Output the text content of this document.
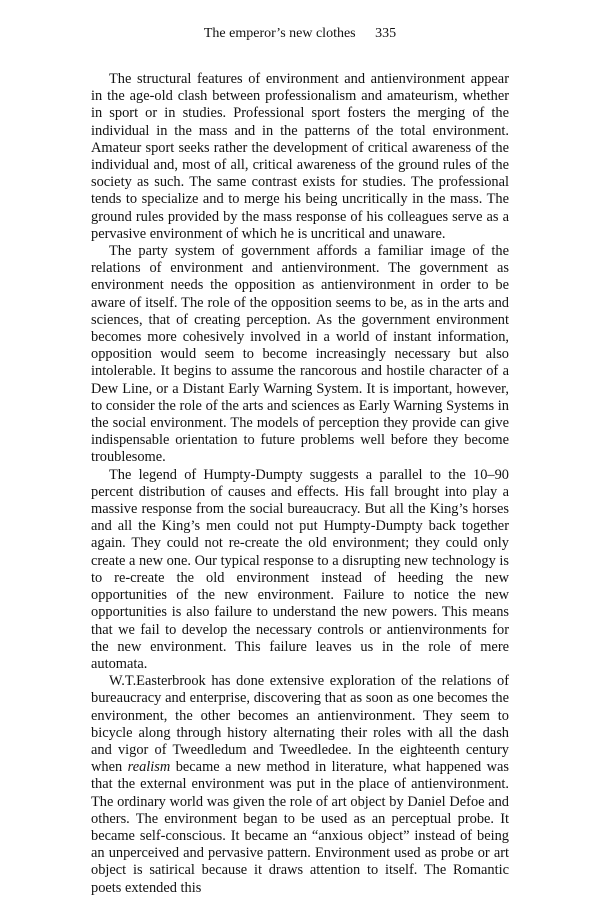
The emperor’s new clothes 335

The structural features of environment and antienvironment appear in the age-old clash between professionalism and amateurism, whether in sport or in studies. Professional sport fosters the merging of the individual in the mass and in the patterns of the total environment. Amateur sport seeks rather the development of critical awareness of the individual and, most of all, critical awareness of the ground rules of the society as such. The same contrast exists for studies. The professional tends to specialize and to merge his being uncritically in the mass. The ground rules provided by the mass response of his colleagues serve as a pervasive environment of which he is uncritical and unaware.

The party system of government affords a familiar image of the relations of environment and antienvironment. The government as environment needs the opposition as antienvironment in order to be aware of itself. The role of the opposition seems to be, as in the arts and sciences, that of creating perception. As the government environment becomes more cohesively involved in a world of instant information, opposition would seem to become increasingly necessary but also intolerable. It begins to assume the rancorous and hostile character of a Dew Line, or a Distant Early Warning System. It is important, however, to consider the role of the arts and sciences as Early Warning Systems in the social environment. The models of perception they provide can give indispensable orientation to future problems well before they become troublesome.

The legend of Humpty-Dumpty suggests a parallel to the 10–90 percent distribution of causes and effects. His fall brought into play a massive response from the social bureaucracy. But all the King’s horses and all the King’s men could not put Humpty-Dumpty back together again. They could not re-create the old environment; they could only create a new one. Our typical response to a disrupting new technology is to re-create the old environment instead of heeding the new opportunities of the new environment. Failure to notice the new opportunities is also failure to understand the new powers. This means that we fail to develop the necessary controls or antienvironments for the new environment. This failure leaves us in the role of mere automata.

W.T.Easterbrook has done extensive exploration of the relations of bureaucracy and enterprise, discovering that as soon as one becomes the environment, the other becomes an antienvironment. They seem to bicycle along through history alternating their roles with all the dash and vigor of Tweedledum and Tweedledee. In the eighteenth century when realism became a new method in literature, what happened was that the external environment was put in the place of antienvironment. The ordinary world was given the role of art object by Daniel Defoe and others. The environment began to be used as an perceptual probe. It became self-conscious. It became an “anxious object” instead of being an unperceived and pervasive pattern. Environment used as probe or art object is satirical because it draws attention to itself. The Romantic poets extended this
